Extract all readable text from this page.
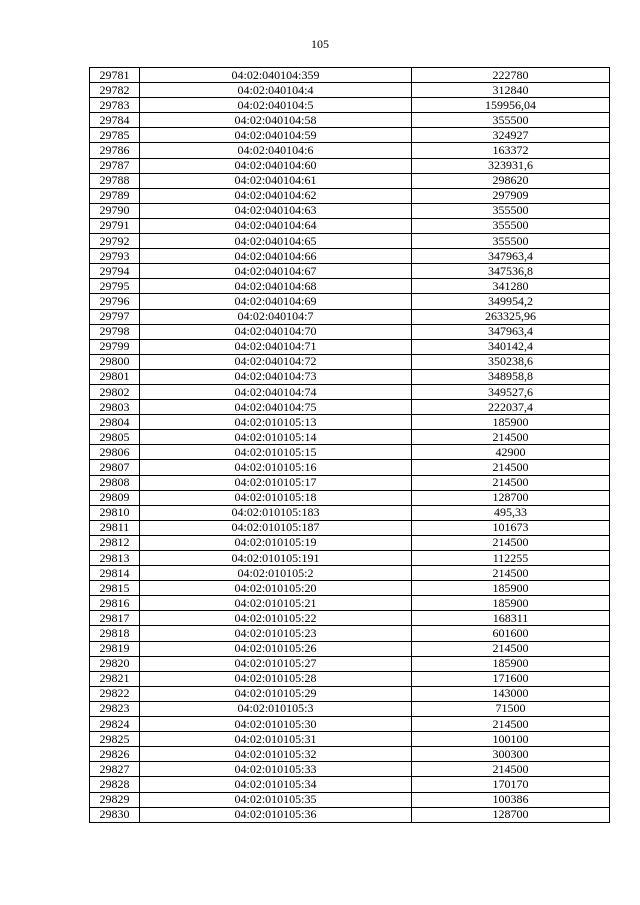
105
29781	04:02:040104:359	222780
29782	04:02:040104:4	312840
29783	04:02:040104:5	159956,04
29784	04:02:040104:58	355500
29785	04:02:040104:59	324927
29786	04:02:040104:6	163372
29787	04:02:040104:60	323931,6
29788	04:02:040104:61	298620
29789	04:02:040104:62	297909
29790	04:02:040104:63	355500
29791	04:02:040104:64	355500
29792	04:02:040104:65	355500
29793	04:02:040104:66	347963,4
29794	04:02:040104:67	347536,8
29795	04:02:040104:68	341280
29796	04:02:040104:69	349954,2
29797	04:02:040104:7	263325,96
29798	04:02:040104:70	347963,4
29799	04:02:040104:71	340142,4
29800	04:02:040104:72	350238,6
29801	04:02:040104:73	348958,8
29802	04:02:040104:74	349527,6
29803	04:02:040104:75	222037,4
29804	04:02:010105:13	185900
29805	04:02:010105:14	214500
29806	04:02:010105:15	42900
29807	04:02:010105:16	214500
29808	04:02:010105:17	214500
29809	04:02:010105:18	128700
29810	04:02:010105:183	495,33
29811	04:02:010105:187	101673
29812	04:02:010105:19	214500
29813	04:02:010105:191	112255
29814	04:02:010105:2	214500
29815	04:02:010105:20	185900
29816	04:02:010105:21	185900
29817	04:02:010105:22	168311
29818	04:02:010105:23	601600
29819	04:02:010105:26	214500
29820	04:02:010105:27	185900
29821	04:02:010105:28	171600
29822	04:02:010105:29	143000
29823	04:02:010105:3	71500
29824	04:02:010105:30	214500
29825	04:02:010105:31	100100
29826	04:02:010105:32	300300
29827	04:02:010105:33	214500
29828	04:02:010105:34	170170
29829	04:02:010105:35	100386
29830	04:02:010105:36	128700
